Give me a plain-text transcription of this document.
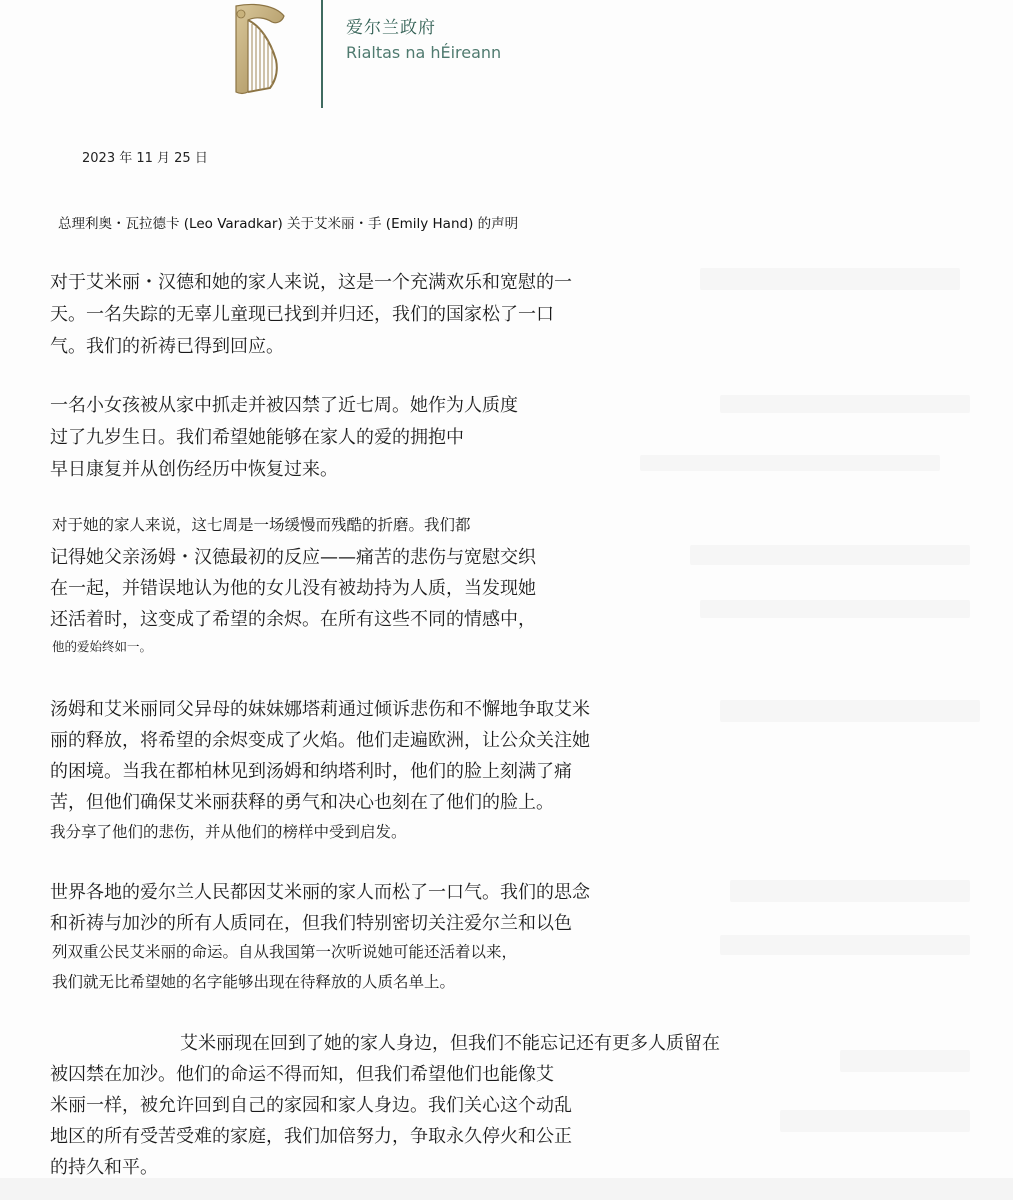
爱尔兰政府
Rialtas na hÉireann
2023 年 11 月 25 日
总理利奥・瓦拉德卡 (Leo Varadkar) 关于艾米丽・手 (Emily Hand) 的声明
对于艾米丽・汉德和她的家人来说，这是一个充满欢乐和宽慰的一
天。一名失踪的无辜儿童现已找到并归还，我们的国家松了一口
气。我们的祈祷已得到回应。
一名小女孩被从家中抓走并被囚禁了近七周。她作为人质度
过了九岁生日。我们希望她能够在家人的爱的拥抱中
早日康复并从创伤经历中恢复过来。
对于她的家人来说，这七周是一场缓慢而残酷的折磨。我们都
记得她父亲汤姆・汉德最初的反应——痛苦的悲伤与宽慰交织
在一起，并错误地认为他的女儿没有被劫持为人质，当发现她
还活着时，这变成了希望的余烬。在所有这些不同的情感中，
他的爱始终如一。
汤姆和艾米丽同父异母的妹妹娜塔莉通过倾诉悲伤和不懈地争取艾米
丽的释放，将希望的余烬变成了火焰。他们走遍欧洲，让公众关注她
的困境。当我在都柏林见到汤姆和纳塔利时，他们的脸上刻满了痛
苦，但他们确保艾米丽获释的勇气和决心也刻在了他们的脸上。
我分享了他们的悲伤，并从他们的榜样中受到启发。
世界各地的爱尔兰人民都因艾米丽的家人而松了一口气。我们的思念
和祈祷与加沙的所有人质同在，但我们特别密切关注爱尔兰和以色
列双重公民艾米丽的命运。自从我国第一次听说她可能还活着以来，
我们就无比希望她的名字能够出现在待释放的人质名单上。
艾米丽现在回到了她的家人身边，但我们不能忘记还有更多人质留在
被囚禁在加沙。他们的命运不得而知，但我们希望他们也能像艾
米丽一样，被允许回到自己的家园和家人身边。我们关心这个动乱
地区的所有受苦受难的家庭，我们加倍努力，争取永久停火和公正
的持久和平。
